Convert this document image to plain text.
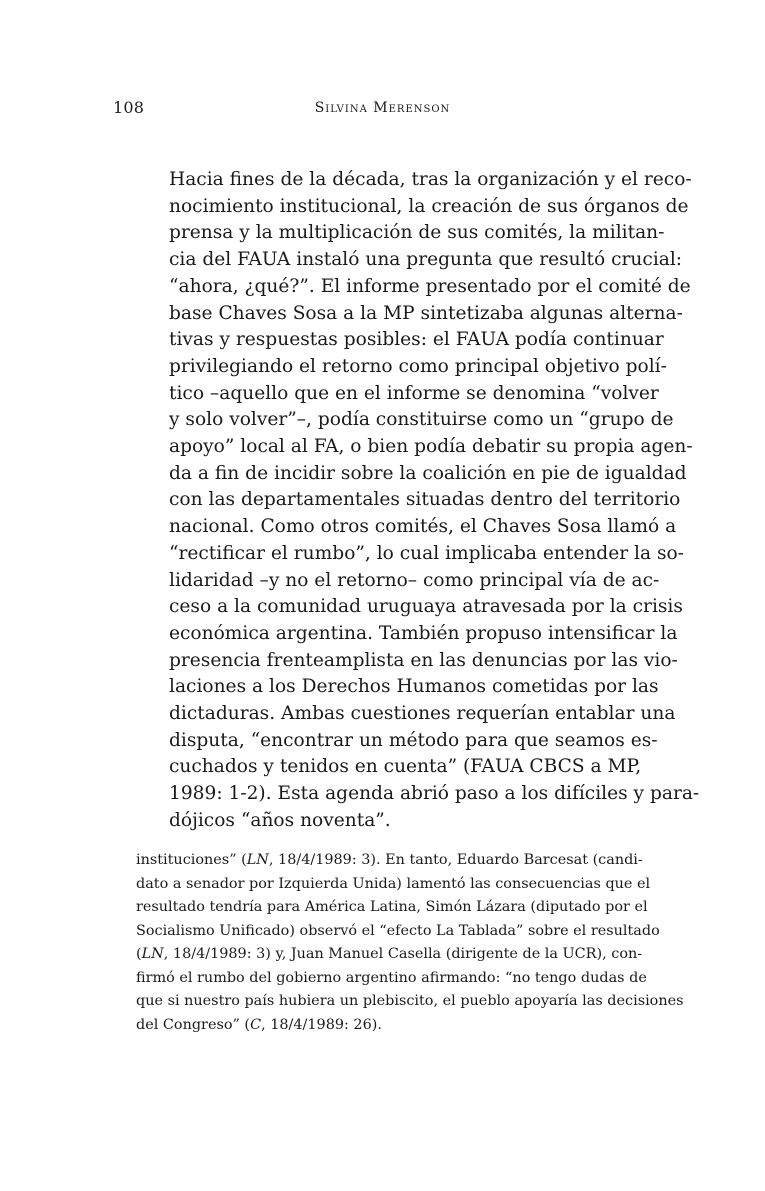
108	Silvina Merenson
Hacia fines de la década, tras la organización y el reco-
nocimiento institucional, la creación de sus órganos de
prensa y la multiplicación de sus comités, la militan-
cia del FAUA instaló una pregunta que resultó crucial:
“ahora, ¿qué?”. El informe presentado por el comité de
base Chaves Sosa a la MP sintetizaba algunas alterna-
tivas y respuestas posibles: el FAUA podía continuar
privilegiando el retorno como principal objetivo polí-
tico –aquello que en el informe se denomina “volver
y solo volver”–, podía constituirse como un “grupo de
apoyo” local al FA, o bien podía debatir su propia agen-
da a fin de incidir sobre la coalición en pie de igualdad
con las departamentales situadas dentro del territorio
nacional. Como otros comités, el Chaves Sosa llamó a
“rectificar el rumbo”, lo cual implicaba entender la so-
lidaridad –y no el retorno– como principal vía de ac-
ceso a la comunidad uruguaya atravesada por la crisis
económica argentina. También propuso intensificar la
presencia frenteamplista en las denuncias por las vio-
laciones a los Derechos Humanos cometidas por las
dictaduras. Ambas cuestiones requerían entablar una
disputa, “encontrar un método para que seamos es-
cuchados y tenidos en cuenta” (FAUA CBCS a MP,
1989: 1-2). Esta agenda abrió paso a los difíciles y para-
dójicos “años noventa”.
instituciones” (LN, 18/4/1989: 3). En tanto, Eduardo Barcesat (candi-
dato a senador por Izquierda Unida) lamentó las consecuencias que el
resultado tendría para América Latina, Simón Lázara (diputado por el
Socialismo Unificado) observó el “efecto La Tablada” sobre el resultado
(LN, 18/4/1989: 3) y, Juan Manuel Casella (dirigente de la UCR), con-
firmó el rumbo del gobierno argentino afirmando: “no tengo dudas de
que si nuestro país hubiera un plebiscito, el pueblo apoyaría las decisiones
del Congreso” (C, 18/4/1989: 26).
